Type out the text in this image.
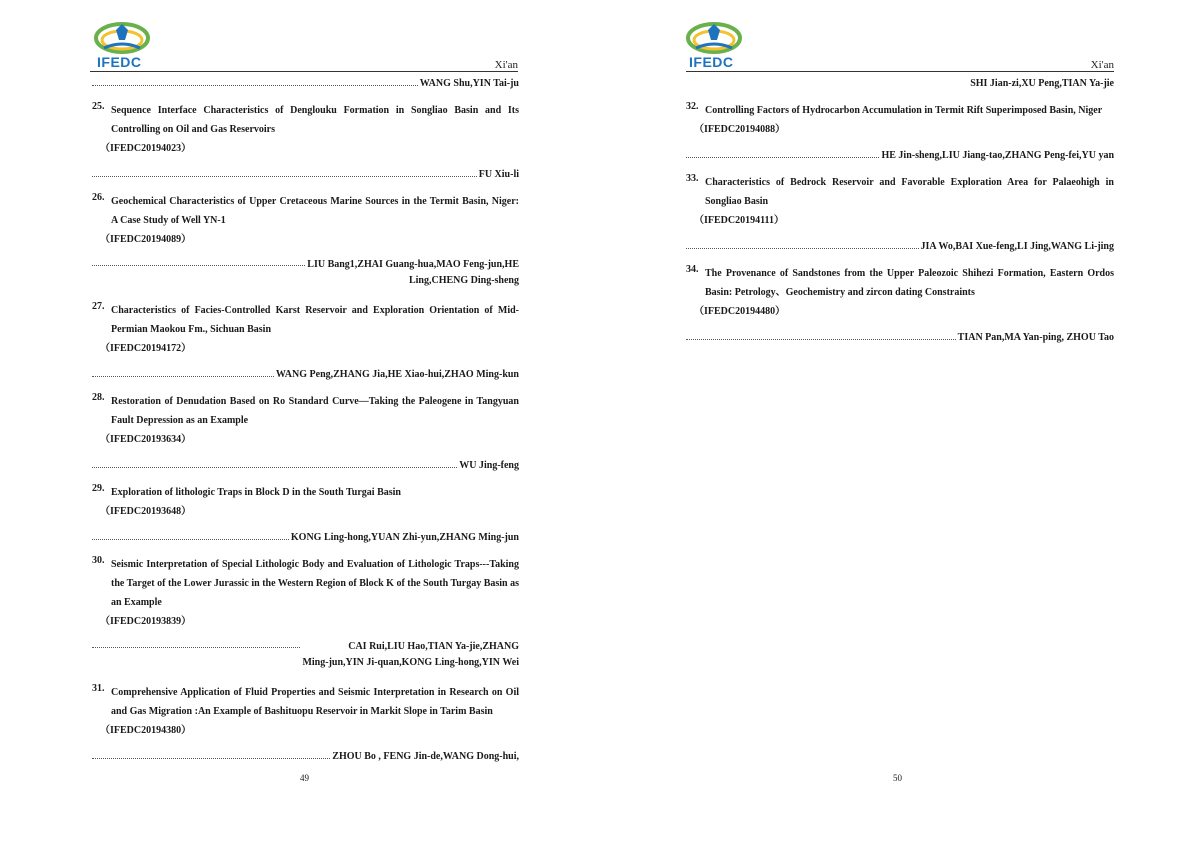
IFEDC	Xi'an
WANG Shu,YIN Tai-ju
25. Sequence Interface Characteristics of Denglouku Formation in Songliao Basin and Its Controlling on Oil and Gas Reservoirs
（IFEDC20194023）
FU Xiu-li
26. Geochemical Characteristics of Upper Cretaceous Marine Sources in the Termit Basin, Niger: A Case Study of Well YN-1
（IFEDC20194089）
LIU Bang1,ZHAI Guang-hua,MAO Feng-jun,HE
Ling,CHENG Ding-sheng
27. Characteristics of Facies-Controlled Karst Reservoir and Exploration Orientation of Mid-Permian Maokou Fm., Sichuan Basin
（IFEDC20194172）
WANG Peng,ZHANG Jia,HE Xiao-hui,ZHAO Ming-kun
28. Restoration of Denudation Based on Ro Standard Curve—Taking the Paleogene in Tangyuan Fault Depression as an Example
（IFEDC20193634）
WU Jing-feng
29. Exploration of lithologic Traps in Block D in the South Turgai Basin
（IFEDC20193648）
KONG Ling-hong,YUAN Zhi-yun,ZHANG Ming-jun
30. Seismic Interpretation of Special Lithologic Body and Evaluation of Lithologic Traps---Taking the Target of the Lower Jurassic in the Western Region of Block K of the South Turgay Basin as an Example
（IFEDC20193839）
CAI Rui,LIU Hao,TIAN Ya-jie,ZHANG
Ming-jun,YIN Ji-quan,KONG Ling-hong,YIN Wei
31. Comprehensive Application of Fluid Properties and Seismic Interpretation in Research on Oil and Gas Migration :An Example of Bashituopu Reservoir in Markit Slope in Tarim Basin
（IFEDC20194380）
ZHOU Bo , FENG Jin-de,WANG Dong-hui,
49
IFEDC	Xi'an
SHI Jian-zi,XU Peng,TIAN Ya-jie
32. Controlling Factors of Hydrocarbon Accumulation in Termit Rift Superimposed Basin, Niger
（IFEDC20194088）
HE Jin-sheng,LIU Jiang-tao,ZHANG Peng-fei,YU yan
33. Characteristics of Bedrock Reservoir and Favorable Exploration Area for Palaeohigh in Songliao Basin
（IFEDC20194111）
JIA Wo,BAI Xue-feng,LI Jing,WANG Li-jing
34. The Provenance of Sandstones from the Upper Paleozoic Shihezi Formation, Eastern Ordos Basin: Petrology、Geochemistry and zircon dating Constraints
（IFEDC20194480）
TIAN Pan,MA Yan-ping, ZHOU Tao
50
